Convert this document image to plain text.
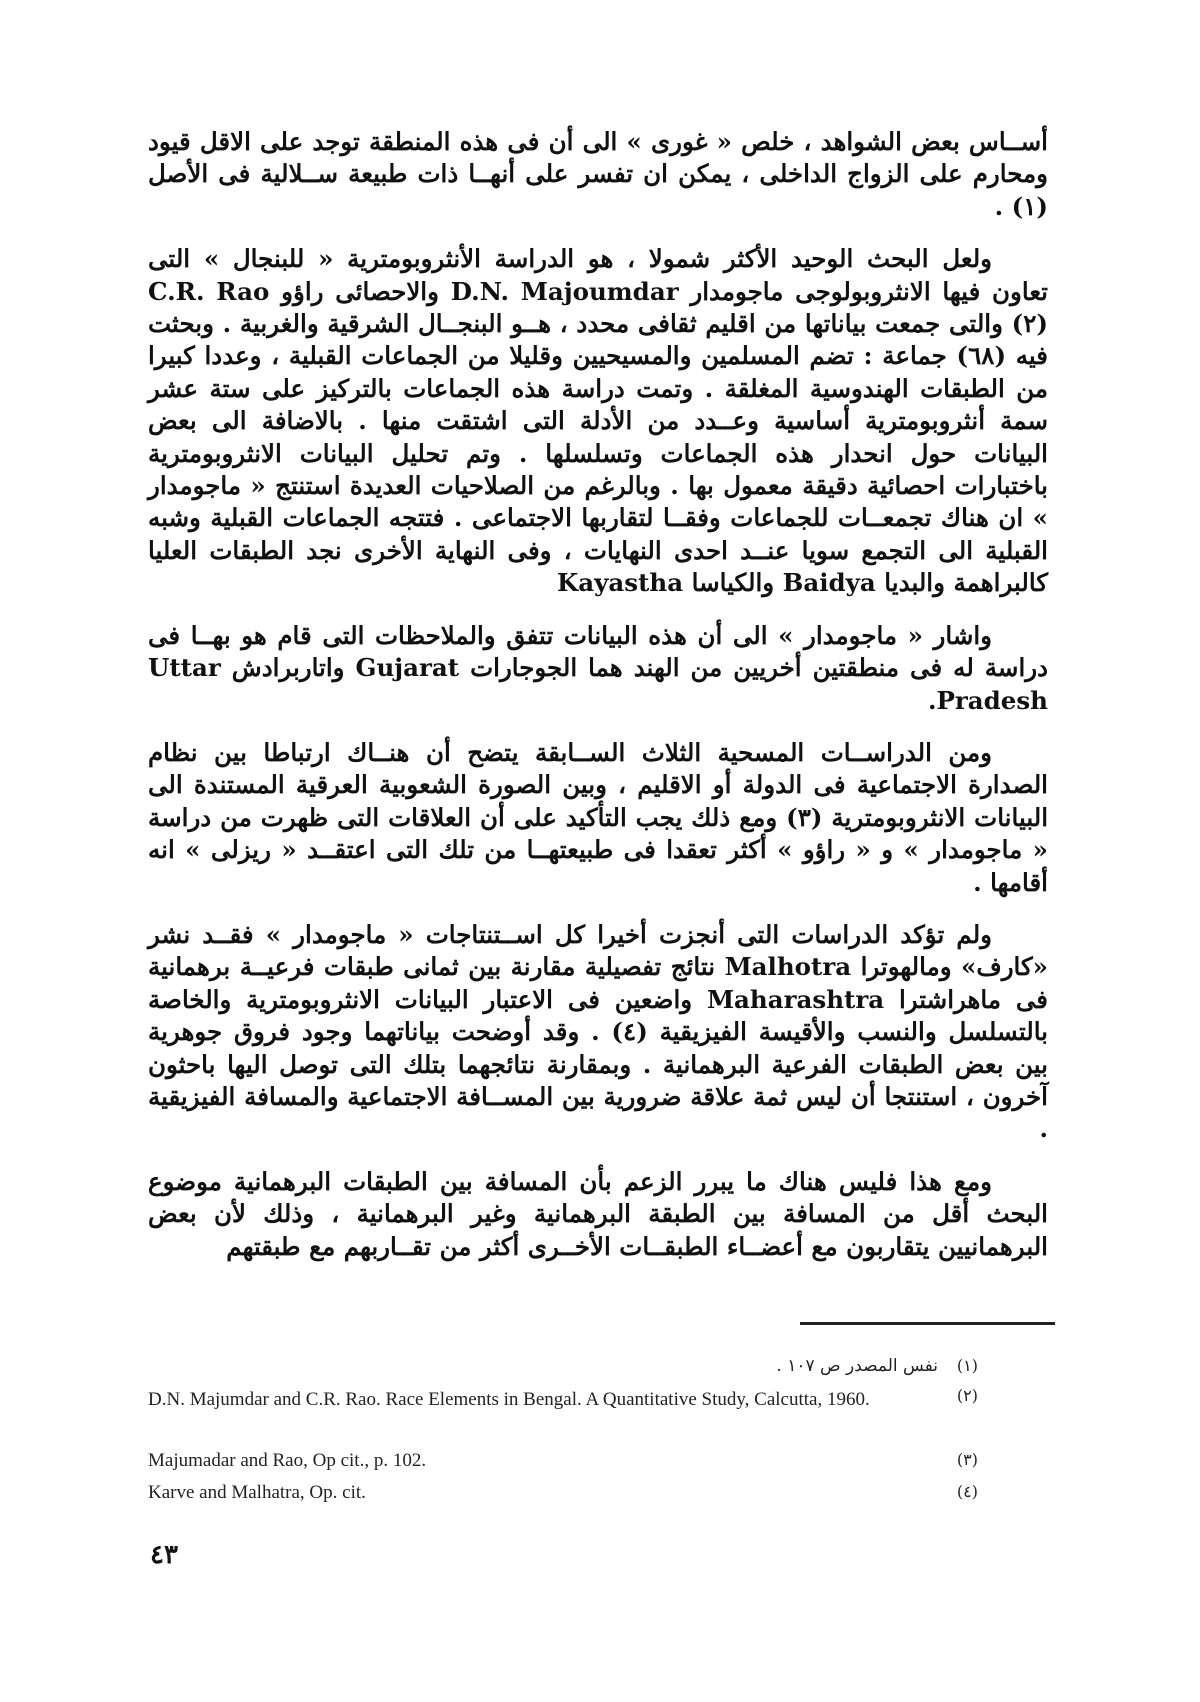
أســاس بعض الشواهد ، خلص « غورى » الى أن فى هذه المنطقة توجد على الاقل قيود ومحارم على الزواج الداخلى ، يمكن ان تفسر على أنهــا ذات طبيعة ســلالية فى الأصل (١) .

ولعل البحث الوحيد الأكثر شمولا ، هو الدراسة الأنثروبومترية « للبنجال » التى تعاون فيها الانثروبولوجى ماجومدار D.N. Majoumdar والاحصائى راؤو C.R. Rao (٢) والتى جمعت بياناتها من اقليم ثقافى محدد ، هــو البنجــال الشرقية والغربية . وبحثت فيه (٦٨) جماعة : تضم المسلمين والمسيحيين وقليلا من الجماعات القبلية ، وعددا كبيرا من الطبقات الهندوسية المغلقة . وتمت دراسة هذه الجماعات بالتركيز على ستة عشر سمة أنثروبومترية أساسية وعــدد من الأدلة التى اشتقت منها . بالاضافة الى بعض البيانات حول انحدار هذه الجماعات وتسلسلها . وتم تحليل البيانات الانثروبومترية باختبارات احصائية دقيقة معمول بها . وبالرغم من الصلاحيات العديدة استنتج « ماجومدار » ان هناك تجمعــات للجماعات وفقــا لتقاربها الاجتماعى . فتتجه الجماعات القبلية وشبه القبلية الى التجمع سويا عنــد احدى النهايات ، وفى النهاية الأخرى نجد الطبقات العليا كالبراهمة والبديا Baidya والكياسا Kayastha

واشار « ماجومدار » الى أن هذه البيانات تتفق والملاحظات التى قام هو بهــا فى دراسة له فى منطقتين أخريين من الهند هما الجوجارات Gujarat واتاربرادش Uttar Pradesh.

ومن الدراســات المسحية الثلاث الســابقة يتضح أن هنــاك ارتباطا بين نظام الصدارة الاجتماعية فى الدولة أو الاقليم ، وبين الصورة الشعوبية العرقية المستندة الى البيانات الانثروبومترية (٣) ومع ذلك يجب التأكيد على أن العلاقات التى ظهرت من دراسة « ماجومدار » و « راؤو » أكثر تعقدا فى طبيعتهــا من تلك التى اعتقــد « ريزلى » انه أقامها .

ولم تؤكد الدراسات التى أنجزت أخيرا كل اســتنتاجات « ماجومدار » فقــد نشر «كارف» ومالهوترا Malhotra نتائج تفصيلية مقارنة بين ثمانى طبقات فرعيــة برهمانية فى ماهراشترا Maharashtra واضعين فى الاعتبار البيانات الانثروبومترية والخاصة بالتسلسل والنسب والأقيسة الفيزيقية (٤) . وقد أوضحت بياناتهما وجود فروق جوهرية بين بعض الطبقات الفرعية البرهمانية . وبمقارنة نتائجهما بتلك التى توصل اليها باحثون آخرون ، استنتجا أن ليس ثمة علاقة ضرورية بين المســافة الاجتماعية والمسافة الفيزيقية .

ومع هذا فليس هناك ما يبرر الزعم بأن المسافة بين الطبقات البرهمانية موضوع البحث أقل من المسافة بين الطبقة البرهمانية وغير البرهمانية ، وذلك لأن بعض البرهمانيين يتقاربون مع أعضــاء الطبقــات الأخــرى أكثر من تقــاربهم مع طبقتهم

نفس المصدر ص ١٠٧ .	(١)
D.N. Majumdar and C.R. Rao. Race Elements in Bengal. A Quantitative Study, Calcutta, 1960.	(٢)
Majumadar and Rao, Op cit., p. 102.	(٣)
Karve and Malhatra, Op. cit.	(٤)
٤٣
